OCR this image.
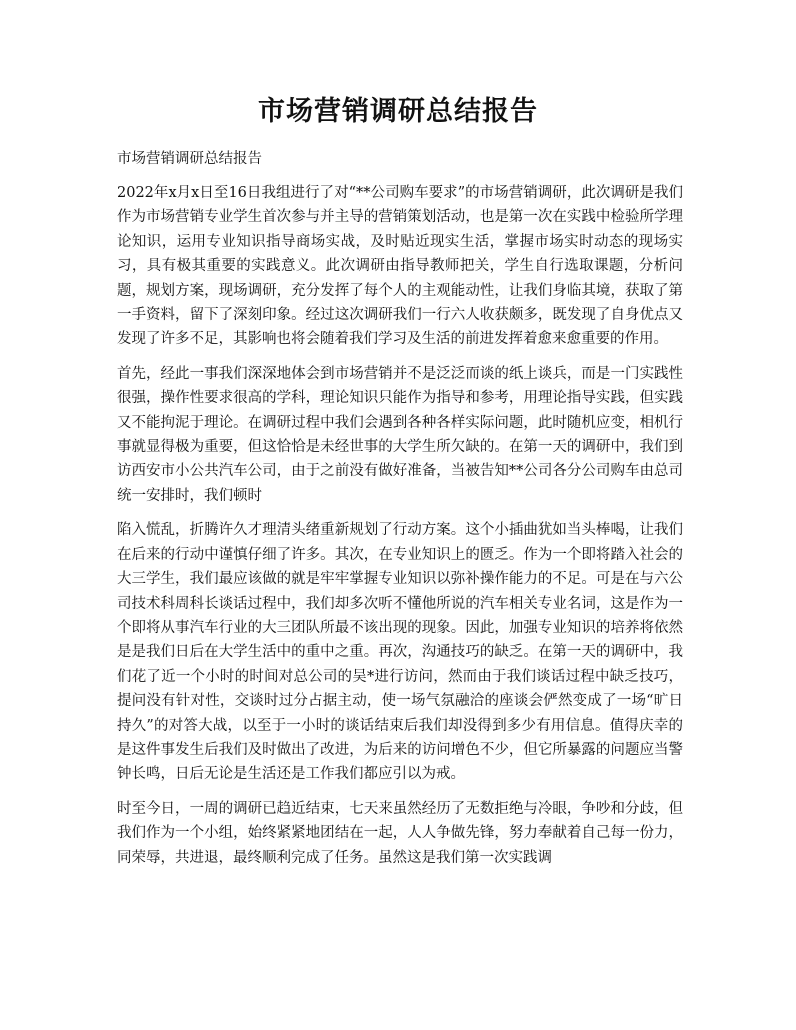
市场营销调研总结报告

市场营销调研总结报告

2022年x月x日至16日我组进行了对“**公司购车要求”的市场营销调研，此次调研是我们作为市场营销专业学生首次参与并主导的营销策划活动，也是第一次在实践中检验所学理论知识，运用专业知识指导商场实战，及时贴近现实生活，掌握市场实时动态的现场实习，具有极其重要的实践意义。此次调研由指导教师把关，学生自行选取课题，分析问题，规划方案，现场调研，充分发挥了每个人的主观能动性，让我们身临其境，获取了第一手资料，留下了深刻印象。经过这次调研我们一行六人收获颇多，既发现了自身优点又发现了许多不足，其影响也将会随着我们学习及生活的前进发挥着愈来愈重要的作用。

首先，经此一事我们深深地体会到市场营销并不是泛泛而谈的纸上谈兵，而是一门实践性很强，操作性要求很高的学科，理论知识只能作为指导和参考，用理论指导实践，但实践又不能拘泥于理论。在调研过程中我们会遇到各种各样实际问题，此时随机应变，相机行事就显得极为重要，但这恰恰是未经世事的大学生所欠缺的。在第一天的调研中，我们到访西安市小公共汽车公司，由于之前没有做好准备，当被告知**公司各分公司购车由总司统一安排时，我们顿时

陷入慌乱，折腾许久才理清头绪重新规划了行动方案。这个小插曲犹如当头棒喝，让我们在后来的行动中谨慎仔细了许多。其次，在专业知识上的匮乏。作为一个即将踏入社会的大三学生，我们最应该做的就是牢牢掌握专业知识以弥补操作能力的不足。可是在与六公司技术科周科长谈话过程中，我们却多次听不懂他所说的汽车相关专业名词，这是作为一个即将从事汽车行业的大三团队所最不该出现的现象。因此，加强专业知识的培养将依然是是我们日后在大学生活中的重中之重。再次，沟通技巧的缺乏。在第一天的调研中，我们花了近一个小时的时间对总公司的吴*进行访问，然而由于我们谈话过程中缺乏技巧，提问没有针对性，交谈时过分占据主动，使一场气氛融洽的座谈会俨然变成了一场“旷日持久”的对答大战，以至于一小时的谈话结束后我们却没得到多少有用信息。值得庆幸的是这件事发生后我们及时做出了改进，为后来的访问增色不少，但它所暴露的问题应当警钟长鸣，日后无论是生活还是工作我们都应引以为戒。

时至今日，一周的调研已趋近结束，七天来虽然经历了无数拒绝与冷眼，争吵和分歧，但我们作为一个小组，始终紧紧地团结在一起，人人争做先锋，努力奉献着自己每一份力，同荣辱，共进退，最终顺利完成了任务。虽然这是我们第一次实践调
